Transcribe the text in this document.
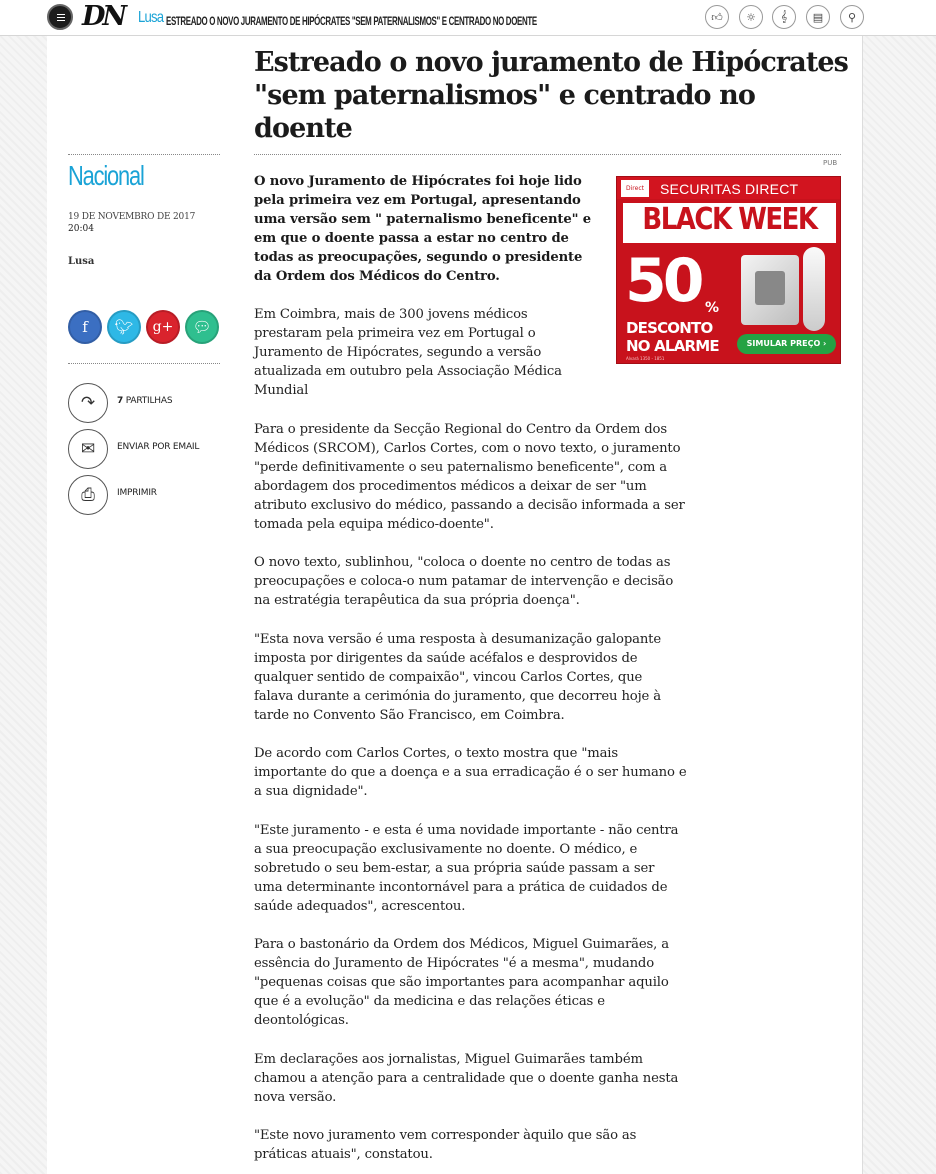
DN Lusa ESTREADO O NOVO JURAMENTO DE HIPÓCRATES "SEM PATERNALISMOS" E CENTRADO NO DOENTE	👍︎	☼	𝄞	▤	⚲
Estreado o novo juramento de Hipócrates "sem paternalismos" e centrado no doente
Nacional
19 DE NOVEMBRO DE 2017
20:04
Lusa
f 🐦︎ g+ 💬︎
↷	7 PARTILHAS
✉	ENVIAR POR EMAIL
⎙	IMPRIMIR
PUB
Direct	SECURITAS DIRECT
BLACK WEEK
50 %
DESCONTO
NO ALARME	SIMULAR PREÇO ›
Alvará 1350 - 1851

O novo Juramento de Hipócrates foi hoje lido pela primeira vez em Portugal, apresentando uma versão sem " paternalismo beneficente" e em que o doente passa a estar no centro de todas as preocupações, segundo o presidente da Ordem dos Médicos do Centro.

Em Coimbra, mais de 300 jovens médicos prestaram pela primeira vez em Portugal o Juramento de Hipócrates, segundo a versão atualizada em outubro pela Associação Médica Mundial

Para o presidente da Secção Regional do Centro da Ordem dos Médicos (SRCOM), Carlos Cortes, com o novo texto, o juramento "perde definitivamente o seu paternalismo beneficente", com a abordagem dos procedimentos médicos a deixar de ser "um atributo exclusivo do médico, passando a decisão informada a ser tomada pela equipa médico-doente".

O novo texto, sublinhou, "coloca o doente no centro de todas as preocupações e coloca-o num patamar de intervenção e decisão na estratégia terapêutica da sua própria doença".

"Esta nova versão é uma resposta à desumanização galopante imposta por dirigentes da saúde acéfalos e desprovidos de qualquer sentido de compaixão", vincou Carlos Cortes, que falava durante a cerimónia do juramento, que decorreu hoje à tarde no Convento São Francisco, em Coimbra.

De acordo com Carlos Cortes, o texto mostra que "mais importante do que a doença e a sua erradicação é o ser humano e a sua dignidade".

"Este juramento - e esta é uma novidade importante - não centra a sua preocupação exclusivamente no doente. O médico, e sobretudo o seu bem-estar, a sua própria saúde passam a ser uma determinante incontornável para a prática de cuidados de saúde adequados", acrescentou.

Para o bastonário da Ordem dos Médicos, Miguel Guimarães, a essência do Juramento de Hipócrates "é a mesma", mudando "pequenas coisas que são importantes para acompanhar aquilo que é a evolução" da medicina e das relações éticas e deontológicas.

Em declarações aos jornalistas, Miguel Guimarães também chamou a atenção para a centralidade que o doente ganha nesta nova versão.

"Este novo juramento vem corresponder àquilo que são as práticas atuais", constatou.
